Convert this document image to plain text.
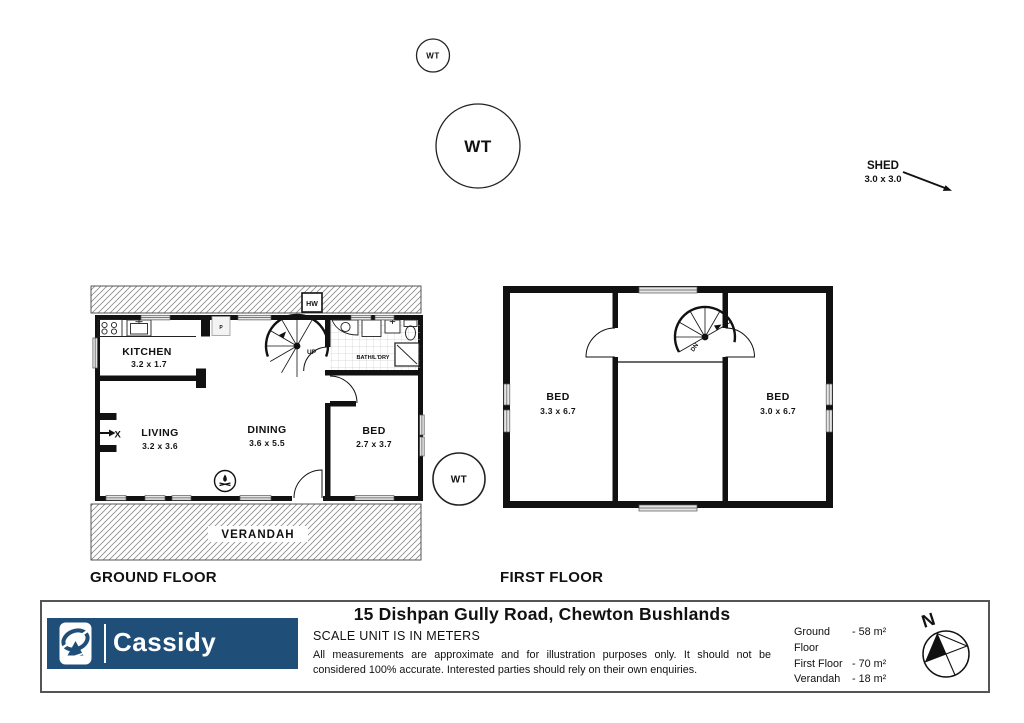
WT
WT
WT
SHED
3.0 x 3.0
VERANDAH
HW
P
UP
BATH/L'DRY
X
KITCHEN
3.2 x 1.7
LIVING
3.2 x 3.6
DINING
3.6 x 5.5
BED
2.7 x 3.7
GROUND FLOOR
DN
BED
3.3 x 6.7
BED
3.0 x 6.7
FIRST FLOOR
Cassidy
15 Dishpan Gully Road, Chewton Bushlands
SCALE UNIT IS IN METERS
All measurements are approximate and for illustration purposes only. It should not be
considered 100% accurate. Interested parties should rely on their own enquiries.
Ground Floor
- 58 m²
First Floor - 70 m²
Verandah	- 18 m²
N
